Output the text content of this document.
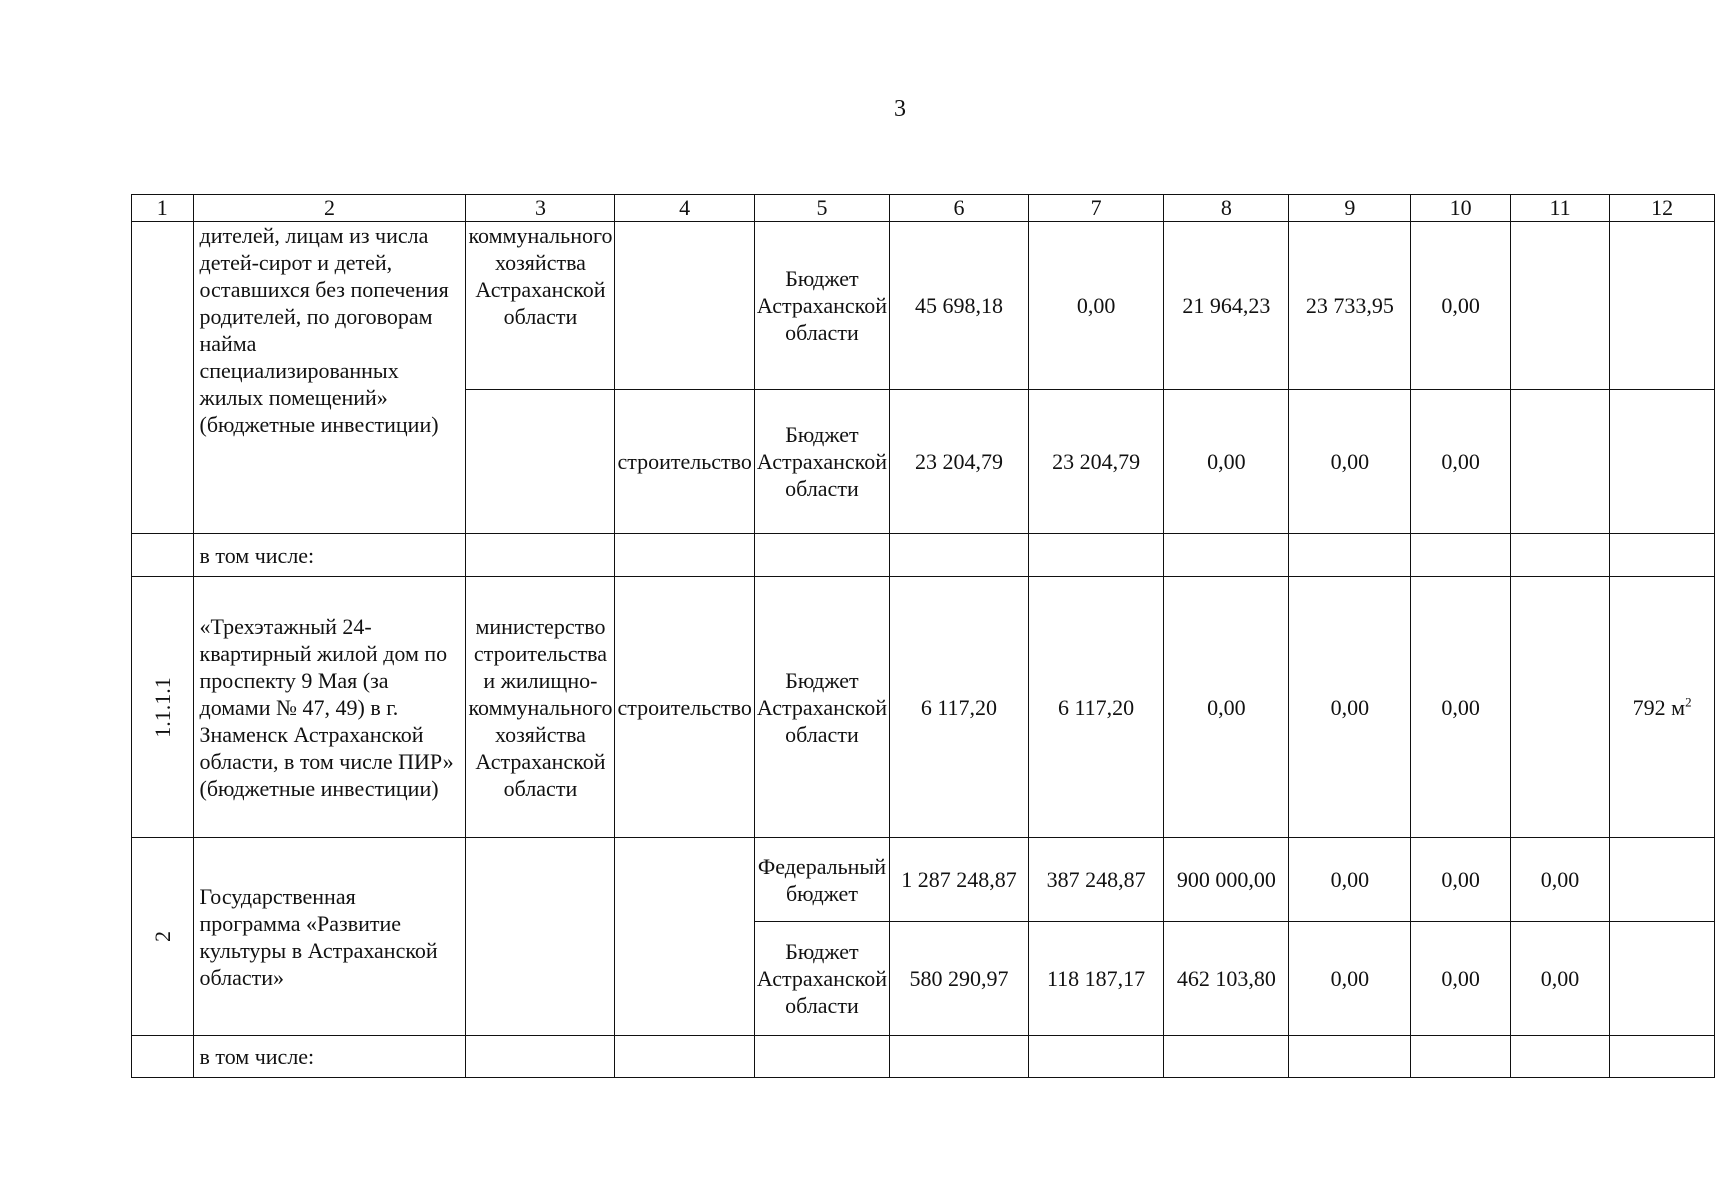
3
1	2	3	4	5	6	7	8	9	10	11	12
	дителей, лицам из числа детей-сирот и детей, оставшихся без попечения родителей, по договорам найма специализированных жилых помещений» (бюджетные инвестиции)	коммунального хозяйства Астраханской области		Бюджет Астраханской области	45 698,18	0,00	21 964,23	23 733,95	0,00		
			строительство	Бюджет Астраханской области	23 204,79	23 204,79	0,00	0,00	0,00		
	в том числе:										
1.1.1.1	«Трехэтажный 24-квартирный жилой дом по проспекту 9 Мая (за домами № 47, 49) в г. Знаменск Астраханской области, в том числе ПИР» (бюджетные инвестиции)	министерство строительства и жилищно-коммунального хозяйства Астраханской области	строительство	Бюджет Астраханской области	6 117,20	6 117,20	0,00	0,00	0,00		792 $м^2$
2	Государственная программа «Развитие культуры в Астраханской области»			Федеральный бюджет	1 287 248,87	387 248,87	900 000,00	0,00	0,00	0,00	
				Бюджет Астраханской области	580 290,97	118 187,17	462 103,80	0,00	0,00	0,00	
	в том числе:										
